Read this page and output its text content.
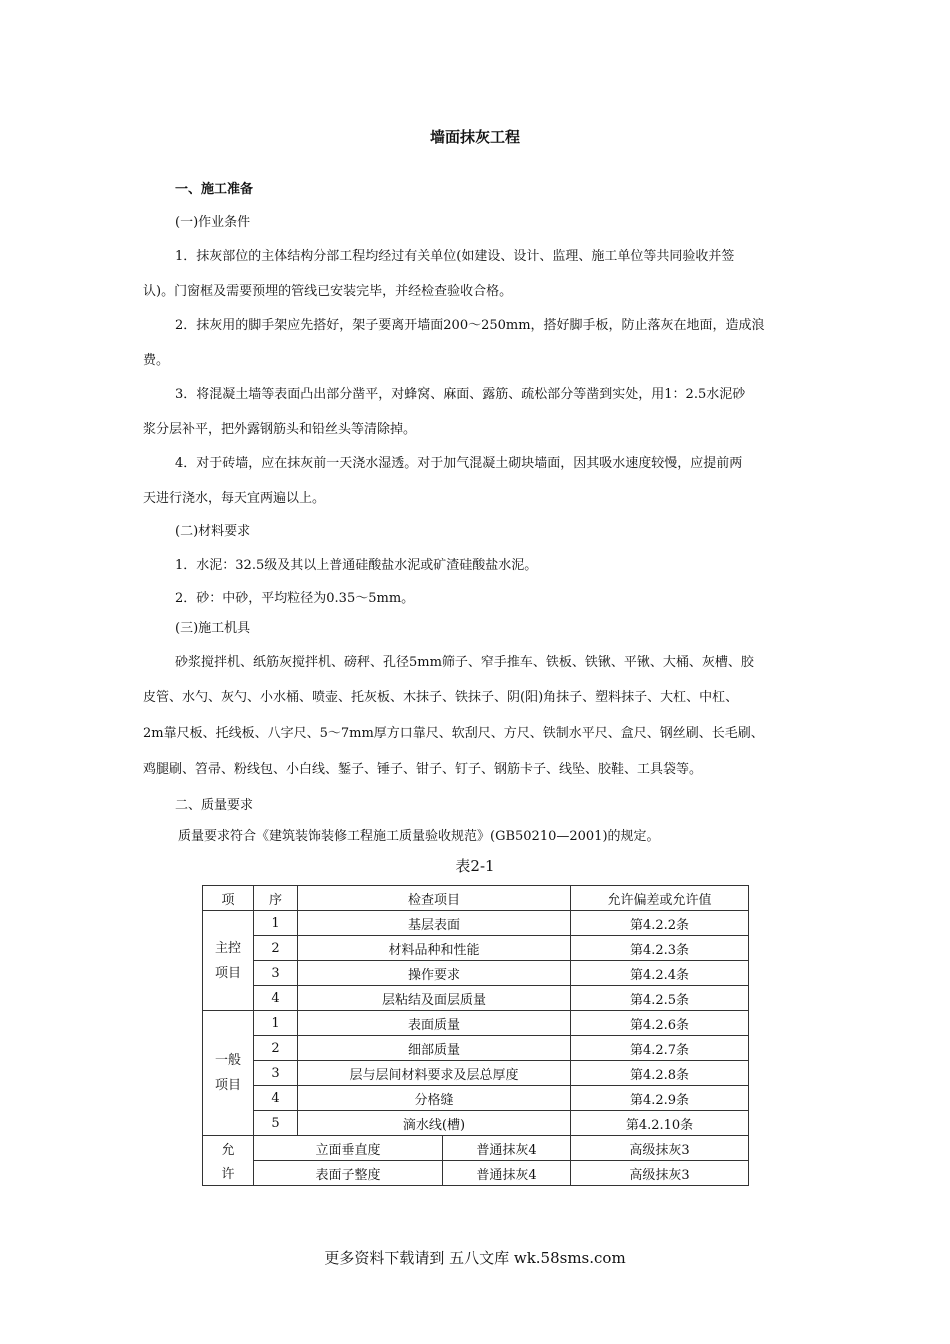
墙面抹灰工程
一、施工准备
(一)作业条件
1．抹灰部位的主体结构分部工程均经过有关单位(如建设、设计、监理、施工单位等共同验收并签
认)。门窗框及需要预埋的管线已安装完毕，并经检查验收合格。
2．抹灰用的脚手架应先搭好，架子要离开墙面200～250mm，搭好脚手板，防止落灰在地面，造成浪
费。
3．将混凝土墙等表面凸出部分凿平，对蜂窝、麻面、露筋、疏松部分等凿到实处，用1：2.5水泥砂
浆分层补平，把外露钢筋头和铅丝头等清除掉。
4．对于砖墙，应在抹灰前一天浇水湿透。对于加气混凝土砌块墙面，因其吸水速度较慢，应提前两
天进行浇水，每天宜两遍以上。
(二)材料要求
1．水泥：32.5级及其以上普通硅酸盐水泥或矿渣硅酸盐水泥。
2．砂：中砂，平均粒径为0.35～5mm。
(三)施工机具
砂浆搅拌机、纸筋灰搅拌机、磅秤、孔径5mm筛子、窄手推车、铁板、铁锹、平锹、大桶、灰槽、胶
皮管、水勺、灰勺、小水桶、喷壶、托灰板、木抹子、铁抹子、阴(阳)角抹子、塑料抹子、大杠、中杠、
2m靠尺板、托线板、八字尺、5～7mm厚方口靠尺、软刮尺、方尺、铁制水平尺、盒尺、钢丝刷、长毛刷、
鸡腿刷、笤帚、粉线包、小白线、錾子、锤子、钳子、钉子、钢筋卡子、线坠、胶鞋、工具袋等。
二、质量要求
质量要求符合《建筑装饰装修工程施工质量验收规范》(GB50210—2001)的规定。
表2-1
项	序	检查项目		允许偏差或允许值
主控项目	1	基层表面		第4.2.2条
	2	材料品种和性能		第4.2.3条
	3	操作要求		第4.2.4条
	4	层粘结及面层质量		第4.2.5条
一般项目	1	表面质量		第4.2.6条
	2	细部质量		第4.2.7条
	3	层与层间材料要求及层总厚度		第4.2.8条
	4	分格缝		第4.2.9条
	5	滴水线(槽)		第4.2.10条
允	立面垂直度		普通抹灰4	高级抹灰3
许	表面子整度		普通抹灰4	高级抹灰3
更多资料下载请到 五八文库 wk.58sms.com
